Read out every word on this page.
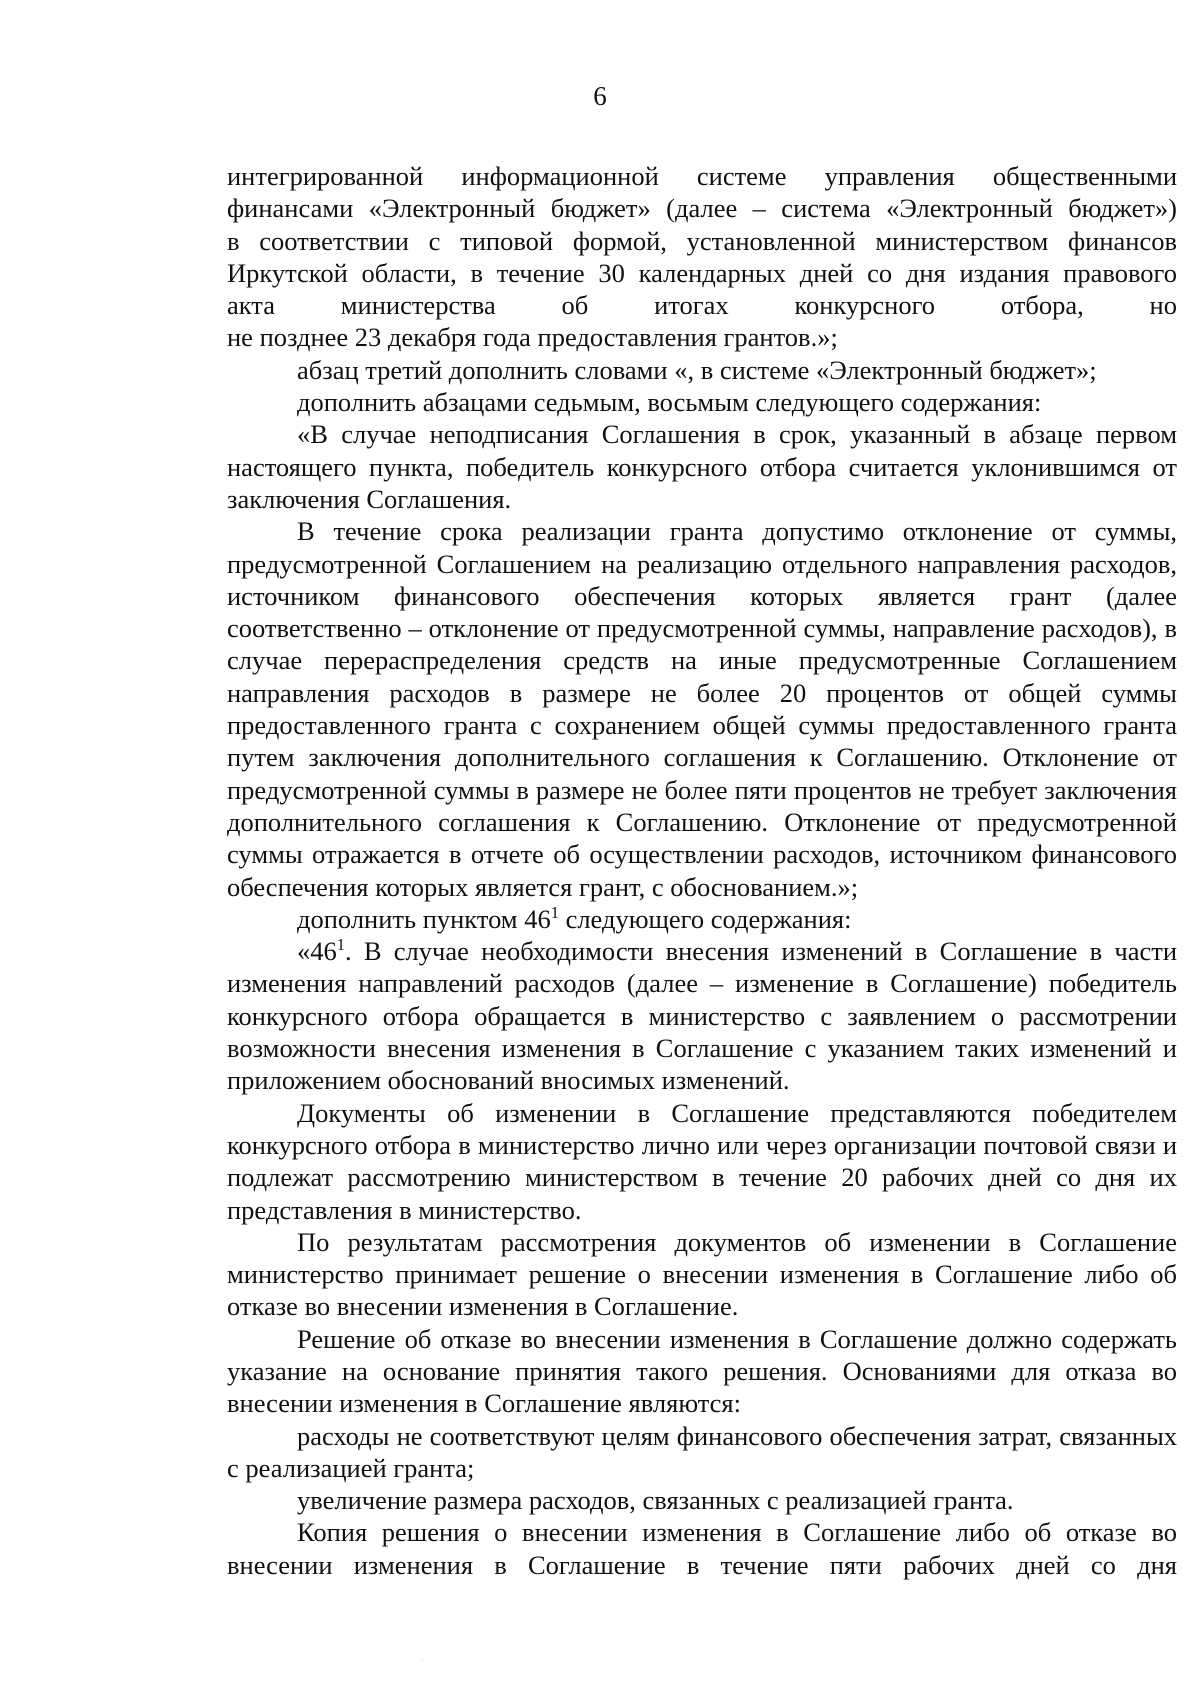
6
интегрированной информационной системе управления общественными
финансами «Электронный бюджет» (далее – система «Электронный бюджет»)
в соответствии с типовой формой, установленной министерством финансов
Иркутской области, в течение 30 календарных дней со дня издания правового
акта министерства об итогах конкурсного отбора, но
не позднее 23 декабря года предоставления грантов.»;

абзац третий дополнить словами «, в системе «Электронный бюджет»;

дополнить абзацами седьмым, восьмым следующего содержания:

«В случае неподписания Соглашения в срок, указанный в абзаце первом настоящего пункта, победитель конкурсного отбора считается уклонившимся от заключения Соглашения.

В течение срока реализации гранта допустимо отклонение от суммы, предусмотренной Соглашением на реализацию отдельного направления расходов, источником финансового обеспечения которых является грант (далее соответственно – отклонение от предусмотренной суммы, направление расходов), в случае перераспределения средств на иные предусмотренные Соглашением направления расходов в размере не более 20 процентов от общей суммы предоставленного гранта с сохранением общей суммы предоставленного гранта путем заключения дополнительного соглашения к Соглашению. Отклонение от предусмотренной суммы в размере не более пяти процентов не требует заключения дополнительного соглашения к Соглашению. Отклонение от предусмотренной суммы отражается в отчете об осуществлении расходов, источником финансового обеспечения которых является грант, с обоснованием.»;

дополнить пунктом $46^1$ следующего содержания:

«$46^1$. В случае необходимости внесения изменений в Соглашение в части изменения направлений расходов (далее – изменение в Соглашение) победитель конкурсного отбора обращается в министерство с заявлением о рассмотрении возможности внесения изменения в Соглашение с указанием таких изменений и приложением обоснований вносимых изменений.

Документы об изменении в Соглашение представляются победителем конкурсного отбора в министерство лично или через организации почтовой связи и подлежат рассмотрению министерством в течение 20 рабочих дней со дня их представления в министерство.

По результатам рассмотрения документов об изменении в Соглашение министерство принимает решение о внесении изменения в Соглашение либо об отказе во внесении изменения в Соглашение.

Решение об отказе во внесении изменения в Соглашение должно содержать указание на основание принятия такого решения. Основаниями для отказа во внесении изменения в Соглашение являются:

расходы не соответствуют целям финансового обеспечения затрат, связанных с реализацией гранта;

увеличение размера расходов, связанных с реализацией гранта.

Копия решения о внесении изменения в Соглашение либо об отказе во внесении изменения в Соглашение в течение пяти рабочих дней со дня
